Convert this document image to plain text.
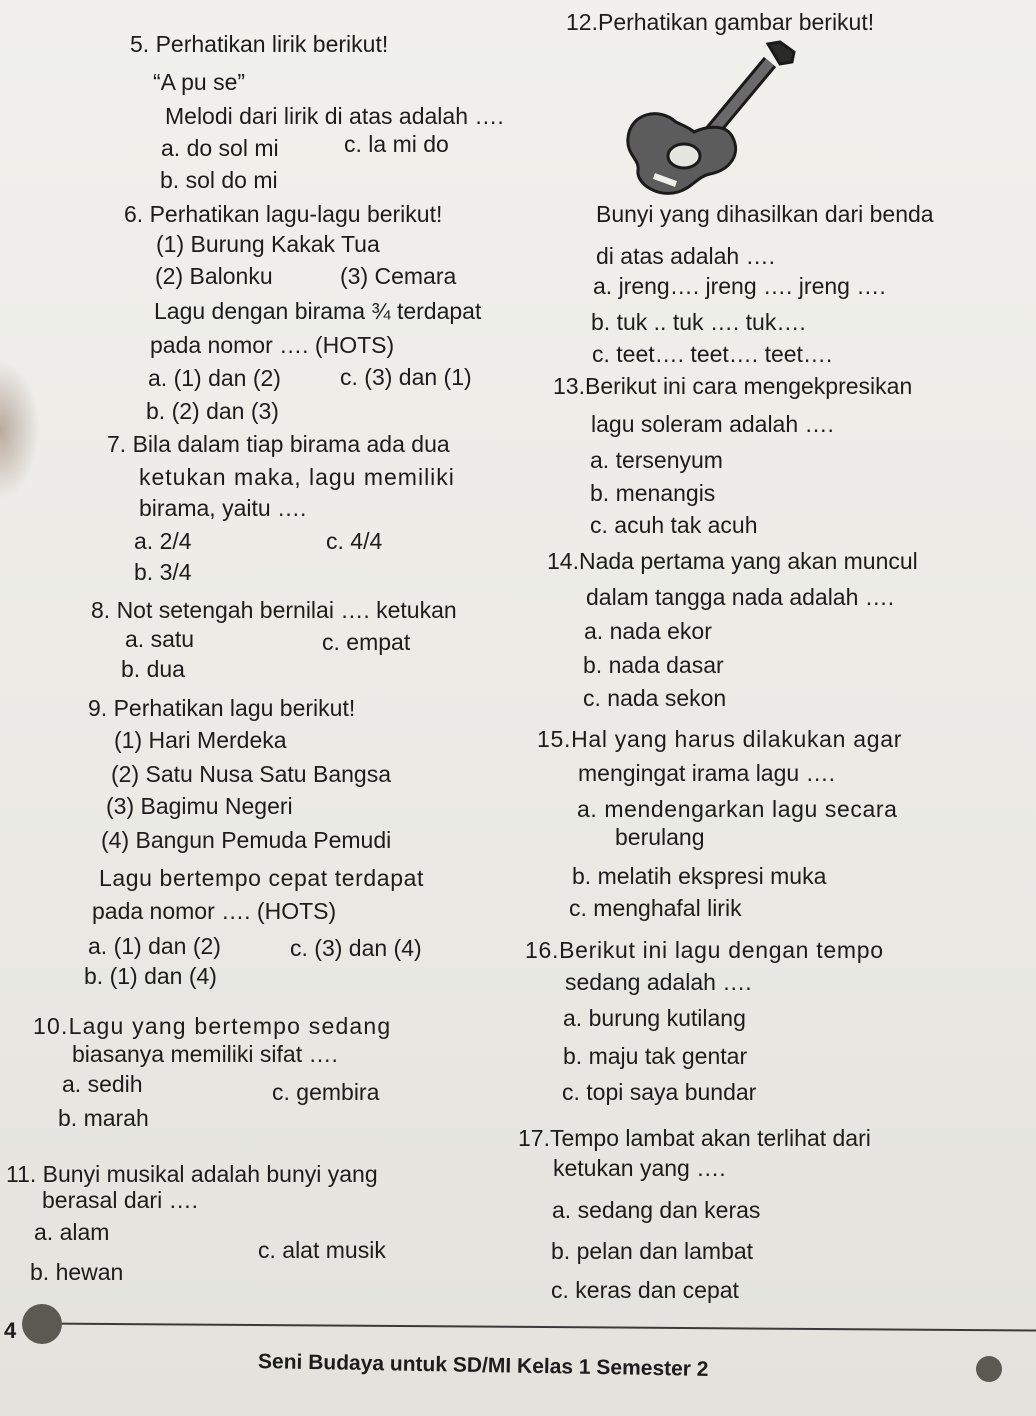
5. Perhatikan lirik berikut!
“A pu se”
Melodi dari lirik di atas adalah ….
a. do sol mi	c. la mi do
b. sol do mi
6. Perhatikan lagu-lagu berikut!
(1) Burung Kakak Tua
(2) Balonku	(3) Cemara
Lagu dengan birama ¾ terdapat
pada nomor …. (HOTS)
a. (1) dan (2)	c. (3) dan (1)
b. (2) dan (3)
7. Bila dalam tiap birama ada dua
ketukan maka, lagu memiliki
birama, yaitu ….
a. 2/4	c. 4/4
b. 3/4
8. Not setengah bernilai …. ketukan
a. satu	c. empat
b. dua
9. Perhatikan lagu berikut!
(1) Hari Merdeka
(2) Satu Nusa Satu Bangsa
(3) Bagimu Negeri
(4) Bangun Pemuda Pemudi
Lagu bertempo cepat terdapat
pada nomor …. (HOTS)
a. (1) dan (2)	c. (3) dan (4)
b. (1) dan (4)
10.Lagu yang bertempo sedang
biasanya memiliki sifat ….
a. sedih	c. gembira
b. marah
11. Bunyi musikal adalah bunyi yang
berasal dari ….
a. alam
c. alat musik
b. hewan
12.Perhatikan gambar berikut!
Bunyi yang dihasilkan dari benda
di atas adalah ….
a. jreng…. jreng …. jreng ….
b. tuk .. tuk …. tuk….
c. teet…. teet…. teet….
13.Berikut ini cara mengekpresikan
lagu soleram adalah ….
a. tersenyum
b. menangis
c. acuh tak acuh
14.Nada pertama yang akan muncul
dalam tangga nada adalah ….
a. nada ekor
b. nada dasar
c. nada sekon
15.Hal yang harus dilakukan agar
mengingat irama lagu ….
a. mendengarkan lagu secara
berulang
b. melatih ekspresi muka
c. menghafal lirik
16.Berikut ini lagu dengan tempo
sedang adalah ….
a. burung kutilang
b. maju tak gentar
c. topi saya bundar
17.Tempo lambat akan terlihat dari
ketukan yang ….
a. sedang dan keras
b. pelan dan lambat
c. keras dan cepat
4
Seni Budaya untuk SD/MI Kelas 1 Semester 2
